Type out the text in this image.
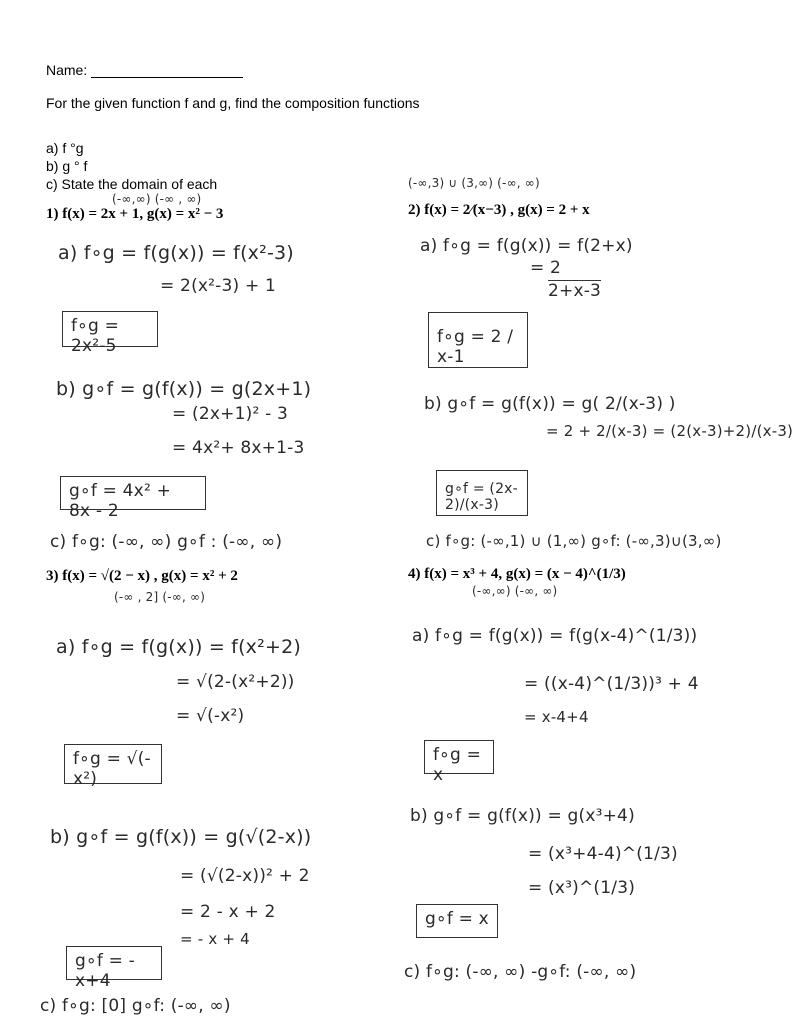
Name:
For the given function f and g, find the composition functions
a) f °g
b) g ° f
c) State the domain of each
(-∞,∞) (-∞ , ∞)
1) f(x) = 2x + 1, g(x) = x² − 3
a) f∘g = f(g(x)) = f(x²-3)
= 2(x²-3) + 1
f∘g = 2x²-5
b) g∘f = g(f(x)) = g(2x+1)
= (2x+1)² - 3
= 4x²+ 8x+1-3
g∘f = 4x² + 8x - 2
c) f∘g: (-∞, ∞) g∘f : (-∞, ∞)
(-∞,3) ∪ (3,∞) (-∞, ∞)
2) f(x) = 2⁄(x−3) , g(x) = 2 + x
a) f∘g = f(g(x)) = f(2+x)
= 2
2+x-3
f∘g = 2 / x-1
b) g∘f = g(f(x)) = g( 2/(x-3) )
= 2 + 2/(x-3) = (2(x-3)+2)/(x-3)
g∘f = (2x-2)/(x-3)
c) f∘g: (-∞,1) ∪ (1,∞) g∘f: (-∞,3)∪(3,∞)
3) f(x) = √(2 − x) , g(x) = x² + 2
(-∞ , 2] (-∞, ∞)
a) f∘g = f(g(x)) = f(x²+2)
= √(2-(x²+2))
= √(-x²)
f∘g = √(-x²)
b) g∘f = g(f(x)) = g(√(2-x))
= (√(2-x))² + 2
= 2 - x + 2
= - x + 4
g∘f = - x+4
c) f∘g: [0] g∘f: (-∞, ∞)
4) f(x) = x³ + 4, g(x) = (x − 4)^(1/3)
(-∞,∞) (-∞, ∞)
a) f∘g = f(g(x)) = f(g(x-4)^(1/3))
= ((x-4)^(1/3))³ + 4
= x-4+4
f∘g = x
b) g∘f = g(f(x)) = g(x³+4)
= (x³+4-4)^(1/3)
= (x³)^(1/3)
g∘f = x
c) f∘g: (-∞, ∞) -g∘f: (-∞, ∞)
